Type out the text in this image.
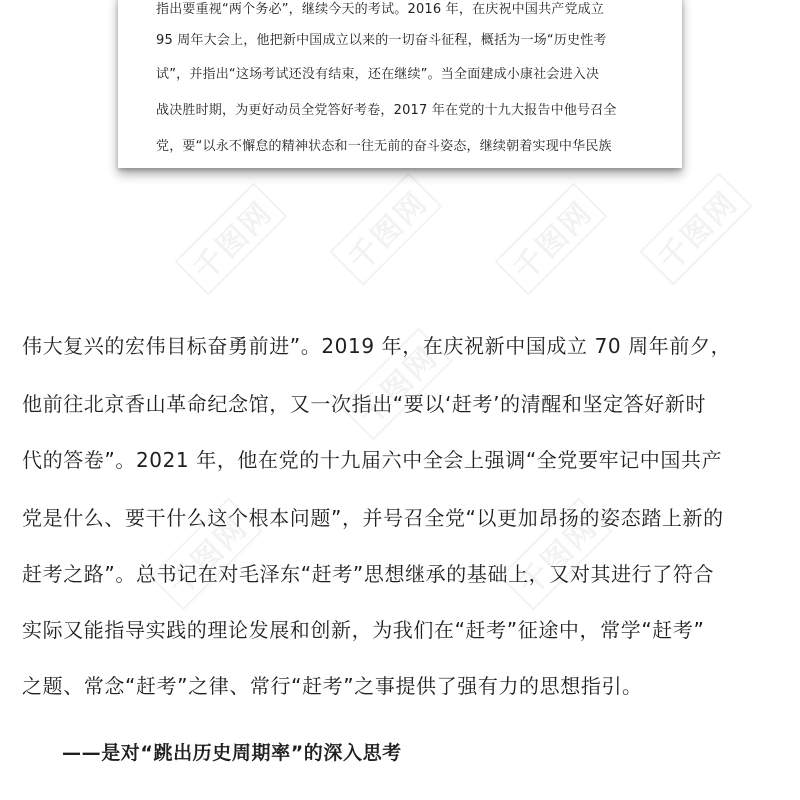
千图网	千图网	千图网	千图网
千图网
千图网	千图网
指出要重视“两个务必”，继续今天的考试。2016 年，在庆祝中国共产党成立
95 周年大会上，他把新中国成立以来的一切奋斗征程，概括为一场“历史性考
试”，并指出“这场考试还没有结束，还在继续”。当全面建成小康社会进入决
战决胜时期，为更好动员全党答好考卷，2017 年在党的十九大报告中他号召全
党，要“以永不懈怠的精神状态和一往无前的奋斗姿态，继续朝着实现中华民族
伟大复兴的宏伟目标奋勇前进”。2019 年，在庆祝新中国成立 70 周年前夕，
他前往北京香山革命纪念馆，又一次指出“要以‘赶考’的清醒和坚定答好新时
代的答卷”。2021 年，他在党的十九届六中全会上强调“全党要牢记中国共产
党是什么、要干什么这个根本问题”，并号召全党“以更加昂扬的姿态踏上新的
赶考之路”。总书记在对毛泽东“赶考”思想继承的基础上，又对其进行了符合
实际又能指导实践的理论发展和创新，为我们在“赶考”征途中，常学“赶考”
之题、常念“赶考”之律、常行“赶考”之事提供了强有力的思想指引。
——是对“跳出历史周期率”的深入思考
